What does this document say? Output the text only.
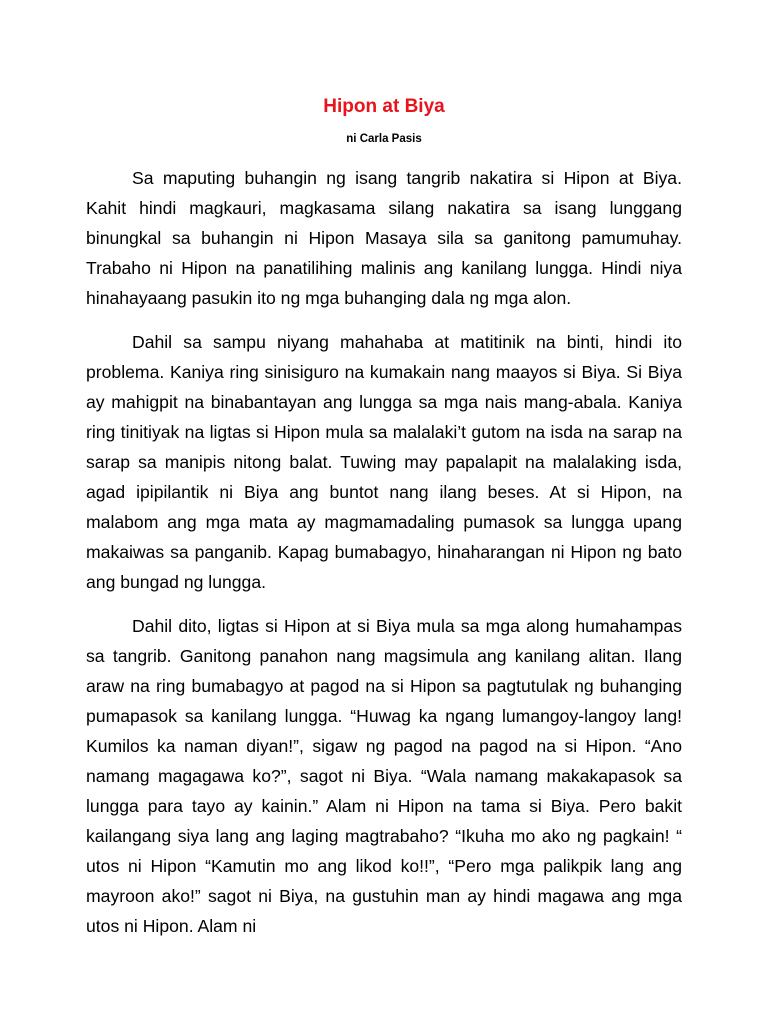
Hipon at Biya
ni Carla Pasis

Sa maputing buhangin ng isang tangrib nakatira si Hipon at Biya. Kahit hindi magkauri, magkasama silang nakatira sa isang lunggang binungkal sa buhangin ni Hipon Masaya sila sa ganitong pamumuhay. Trabaho ni Hipon na panatilihing malinis ang kanilang lungga. Hindi niya hinahayaang pasukin ito ng mga buhanging dala ng mga alon.

Dahil sa sampu niyang mahahaba at matitinik na binti, hindi ito problema. Kaniya ring sinisiguro na kumakain nang maayos si Biya. Si Biya ay mahigpit na binabantayan ang lungga sa mga nais mang-abala. Kaniya ring tinitiyak na ligtas si Hipon mula sa malalaki’t gutom na isda na sarap na sarap sa manipis nitong balat. Tuwing may papalapit na malalaking isda, agad ipipilantik ni Biya ang buntot nang ilang beses. At si Hipon, na malabom ang mga mata ay magmamadaling pumasok sa lungga upang makaiwas sa panganib. Kapag bumabagyo, hinaharangan ni Hipon ng bato ang bungad ng lungga.

Dahil dito, ligtas si Hipon at si Biya mula sa mga along humahampas sa tangrib. Ganitong panahon nang magsimula ang kanilang alitan. Ilang araw na ring bumabagyo at pagod na si Hipon sa pagtutulak ng buhanging pumapasok sa kanilang lungga. “Huwag ka ngang lumangoy-langoy lang! Kumilos ka naman diyan!”, sigaw ng pagod na pagod na si Hipon. “Ano namang magagawa ko?”, sagot ni Biya. “Wala namang makakapasok sa lungga para tayo ay kainin.” Alam ni Hipon na tama si Biya. Pero bakit kailangang siya lang ang laging magtrabaho? “Ikuha mo ako ng pagkain! “ utos ni Hipon “Kamutin mo ang likod ko!!”, “Pero mga palikpik lang ang mayroon ako!” sagot ni Biya, na gustuhin man ay hindi magawa ang mga utos ni Hipon. Alam ni
